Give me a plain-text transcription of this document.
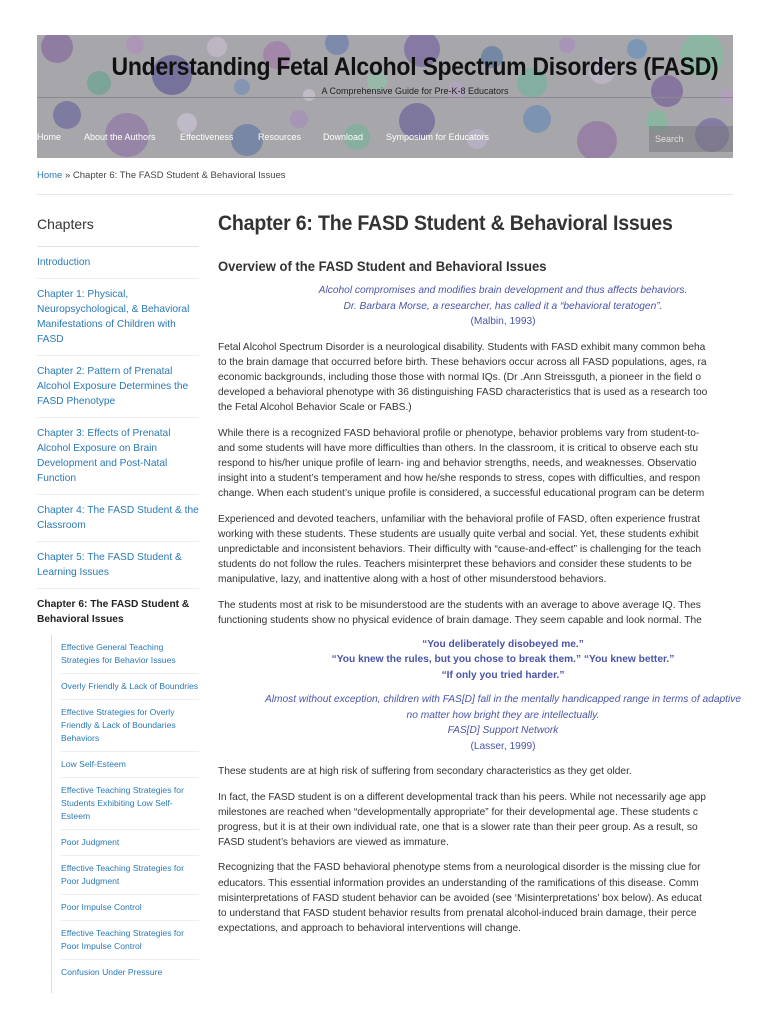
Understanding Fetal Alcohol Spectrum Disorders (FASD)
A Comprehensive Guide for Pre-K-8 Educators
Home	About the Authors	Effectiveness	Resources Download	Symposium for Educators
Search
Home » Chapter 6: The FASD Student & Behavioral Issues
Chapters
Introduction
Chapter 1: Physical, Neuropsychological, & Behavioral Manifestations of Children with FASD
Chapter 2: Pattern of Prenatal Alcohol Exposure Determines the FASD Phenotype
Chapter 3: Effects of Prenatal Alcohol Exposure on Brain Development and Post-Natal Function
Chapter 4: The FASD Student & the Classroom
Chapter 5: The FASD Student & Learning Issues
Chapter 6: The FASD Student & Behavioral Issues
Effective General Teaching Strategies for Behavior Issues
Overly Friendly & Lack of Boundries
Effective Strategies for Overly Friendly & Lack of Boundaries Behaviors
Low Self-Esteem
Effective Teaching Strategies for Students Exhibiting Low Self-Esteem
Poor Judgment
Effective Teaching Strategies for Poor Judgment
Poor Impulse Control
Effective Teaching Strategies for Poor Impulse Control
Confusion Under Pressure
Chapter 6: The FASD Student & Behavioral Issues
Overview of the FASD Student and Behavioral Issues
Alcohol compromises and modifies brain development and thus affects behaviors.
Dr. Barbara Morse, a researcher, has called it a “behavioral teratogen”.
(Malbin, 1993)
Fetal Alcohol Spectrum Disorder is a neurological disability. Students with FASD exhibit many common beha
to the brain damage that occurred before birth. These behaviors occur across all FASD populations, ages, ra
economic backgrounds, including those those with normal IQs. (Dr .Ann Streissguth, a pioneer in the field o
developed a behavioral phenotype with 36 distinguishing FASD characteristics that is used as a research too
the Fetal Alcohol Behavior Scale or FABS.)
While there is a recognized FASD behavioral profile or phenotype, behavior problems vary from student-to-
and some students will have more difficulties than others. In the classroom, it is critical to observe each stu
respond to his/her unique profile of learn- ing and behavior strengths, needs, and weaknesses. Observatio
insight into a student’s temperament and how he/she responds to stress, copes with difficulties, and respon
change. When each student’s unique profile is considered, a successful educational program can be determ
Experienced and devoted teachers, unfamiliar with the behavioral profile of FASD, often experience frustrat
working with these students. These students are usually quite verbal and social. Yet, these students exhibit
unpredictable and inconsistent behaviors. Their difficulty with “cause-and-effect” is challenging for the teach
students do not follow the rules. Teachers misinterpret these behaviors and consider these students to be
manipulative, lazy, and inattentive along with a host of other misunderstood behaviors.
The students most at risk to be misunderstood are the students with an average to above average IQ. Thes
functioning students show no physical evidence of brain damage. They seem capable and look normal. The
“You deliberately disobeyed me.”
“You knew the rules, but you chose to break them.” “You knew better.”
“If only you tried harder.”
Almost without exception, children with FAS[D] fall in the mentally handicapped range in terms of adaptive
no matter how bright they are intellectually.
FAS[D] Support Network
(Lasser, 1999)
These students are at high risk of suffering from secondary characteristics as they get older.
In fact, the FASD student is on a different developmental track than his peers. While not necessarily age app
milestones are reached when “developmentally appropriate” for their developmental age. These students c
progress, but it is at their own individual rate, one that is a slower rate than their peer group. As a result, so
FASD student’s behaviors are viewed as immature.
Recognizing that the FASD behavioral phenotype stems from a neurological disorder is the missing clue for
educators. This essential information provides an understanding of the ramifications of this disease. Comm
misinterpretations of FASD student behavior can be avoided (see ‘Misinterpretations’ box below). As educat
to understand that FASD student behavior results from prenatal alcohol-induced brain damage, their perce
expectations, and approach to behavioral interventions will change.
